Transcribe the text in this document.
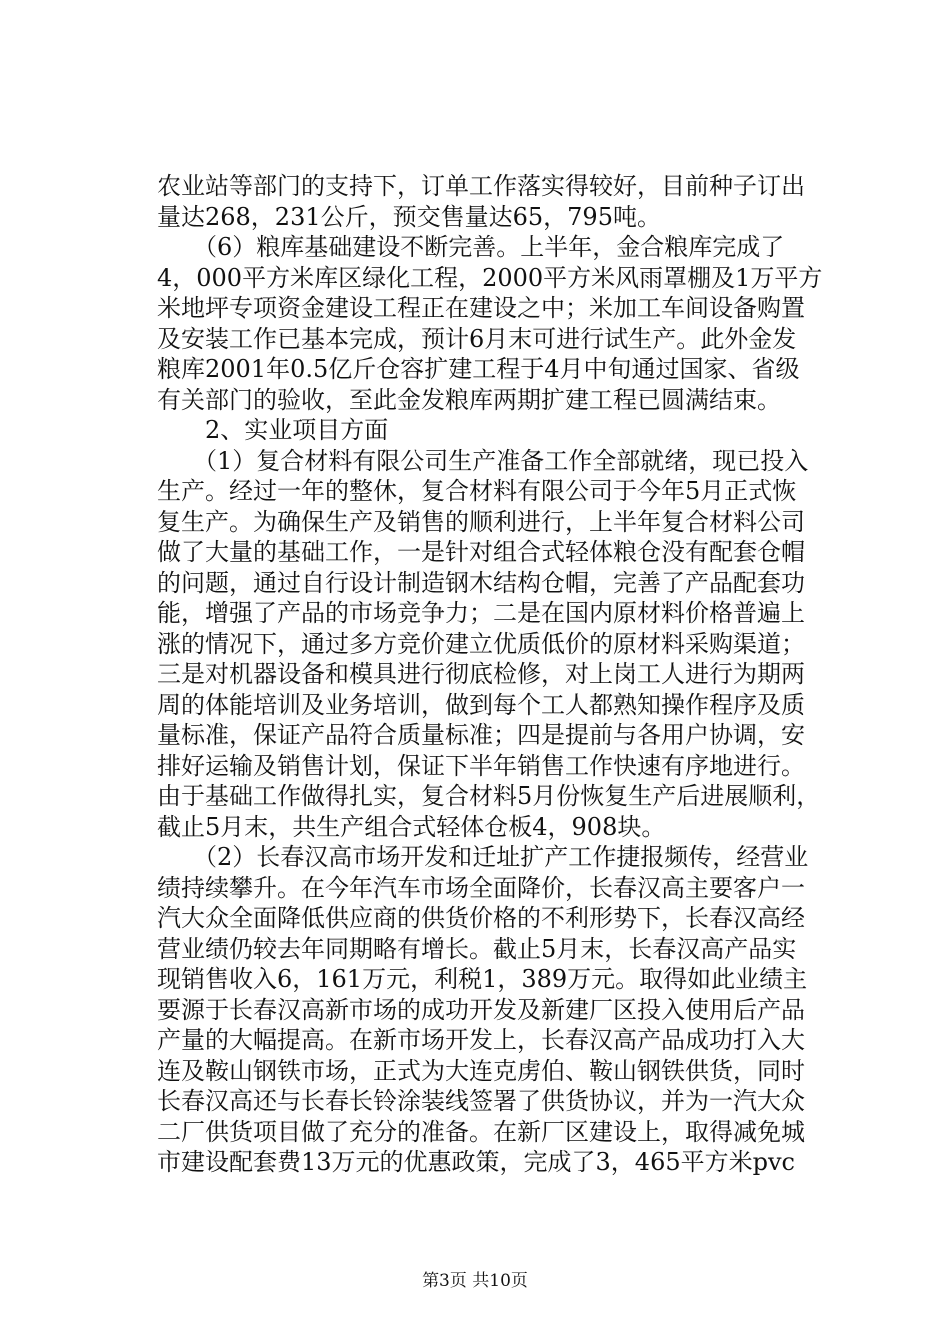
农业站等部门的支持下，订单工作落实得较好，目前种子订出
量达268，231公斤，预交售量达65，795吨。
　　（6）粮库基础建设不断完善。上半年，金合粮库完成了
4，000平方米库区绿化工程，2000平方米风雨罩棚及1万平方
米地坪专项资金建设工程正在建设之中；米加工车间设备购置
及安装工作已基本完成，预计6月末可进行试生产。此外金发
粮库2001年0.5亿斤仓容扩建工程于4月中旬通过国家、省级
有关部门的验收，至此金发粮库两期扩建工程已圆满结束。
　　2、实业项目方面
　　（1）复合材料有限公司生产准备工作全部就绪，现已投入
生产。经过一年的整休，复合材料有限公司于今年5月正式恢
复生产。为确保生产及销售的顺利进行，上半年复合材料公司
做了大量的基础工作，一是针对组合式轻体粮仓没有配套仓帽
的问题，通过自行设计制造钢木结构仓帽，完善了产品配套功
能，增强了产品的市场竞争力；二是在国内原材料价格普遍上
涨的情况下，通过多方竞价建立优质低价的原材料采购渠道；
三是对机器设备和模具进行彻底检修，对上岗工人进行为期两
周的体能培训及业务培训，做到每个工人都熟知操作程序及质
量标准，保证产品符合质量标准；四是提前与各用户协调，安
排好运输及销售计划，保证下半年销售工作快速有序地进行。
由于基础工作做得扎实，复合材料5月份恢复生产后进展顺利，
截止5月末，共生产组合式轻体仓板4，908块。
　　（2）长春汉高市场开发和迁址扩产工作捷报频传，经营业
绩持续攀升。在今年汽车市场全面降价，长春汉高主要客户一
汽大众全面降低供应商的供货价格的不利形势下，长春汉高经
营业绩仍较去年同期略有增长。截止5月末，长春汉高产品实
现销售收入6，161万元，利税1，389万元。取得如此业绩主
要源于长春汉高新市场的成功开发及新建厂区投入使用后产品
产量的大幅提高。在新市场开发上，长春汉高产品成功打入大
连及鞍山钢铁市场，正式为大连克虏伯、鞍山钢铁供货，同时
长春汉高还与长春长铃涂装线签署了供货协议，并为一汽大众
二厂供货项目做了充分的准备。在新厂区建设上，取得减免城
市建设配套费13万元的优惠政策，完成了3，465平方米pvc
第3页 共10页
